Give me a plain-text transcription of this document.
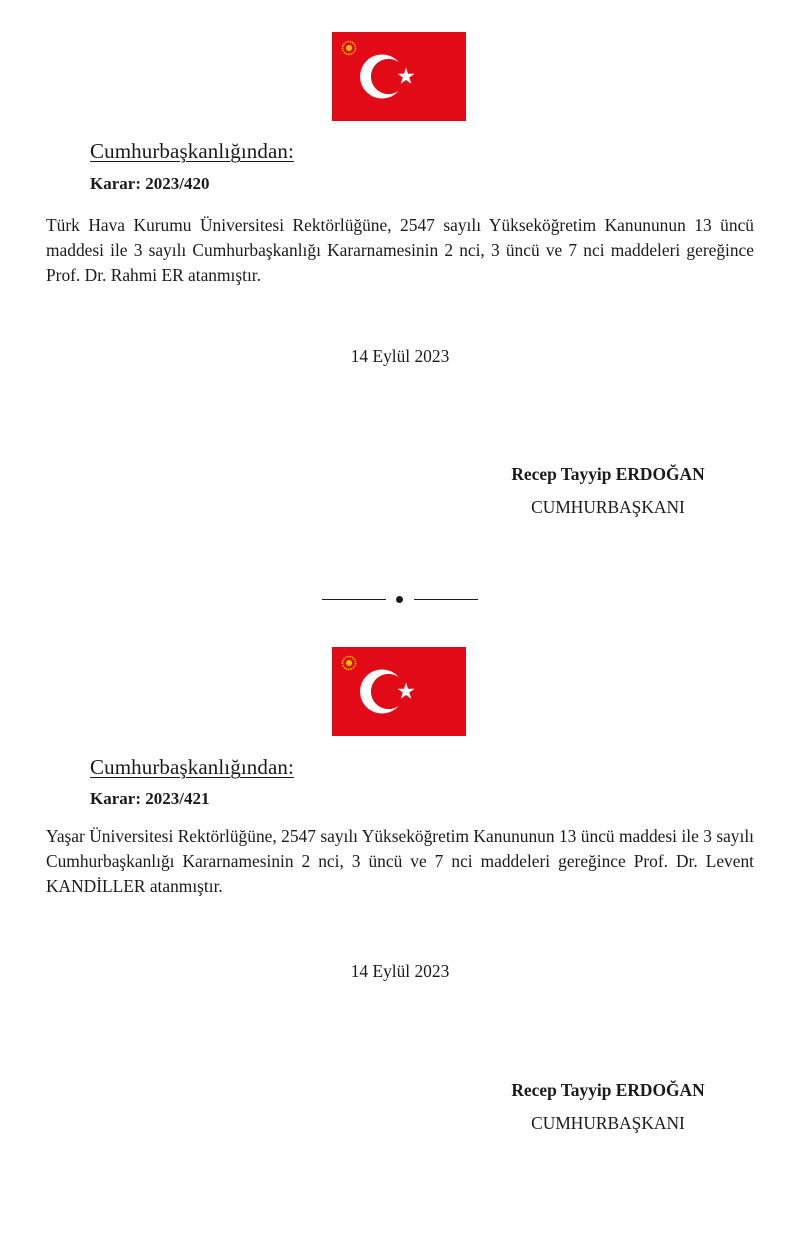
Cumhurbaşkanlığından:
Karar: 2023/420
Türk Hava Kurumu Üniversitesi Rektörlüğüne, 2547 sayılı Yükseköğretim Kanununun 13 üncü maddesi ile 3 sayılı Cumhurbaşkanlığı Kararnamesinin 2 nci, 3 üncü ve 7 nci maddeleri gereğince Prof. Dr. Rahmi ER atanmıştır.
14 Eylül 2023
Recep Tayyip ERDOĞAN
CUMHURBAŞKANI
Cumhurbaşkanlığından:
Karar: 2023/421
Yaşar Üniversitesi Rektörlüğüne, 2547 sayılı Yükseköğretim Kanununun 13 üncü maddesi ile 3 sayılı Cumhurbaşkanlığı Kararnamesinin 2 nci, 3 üncü ve 7 nci maddeleri gereğince Prof. Dr. Levent KANDİLLER atanmıştır.
14 Eylül 2023
Recep Tayyip ERDOĞAN
CUMHURBAŞKANI
